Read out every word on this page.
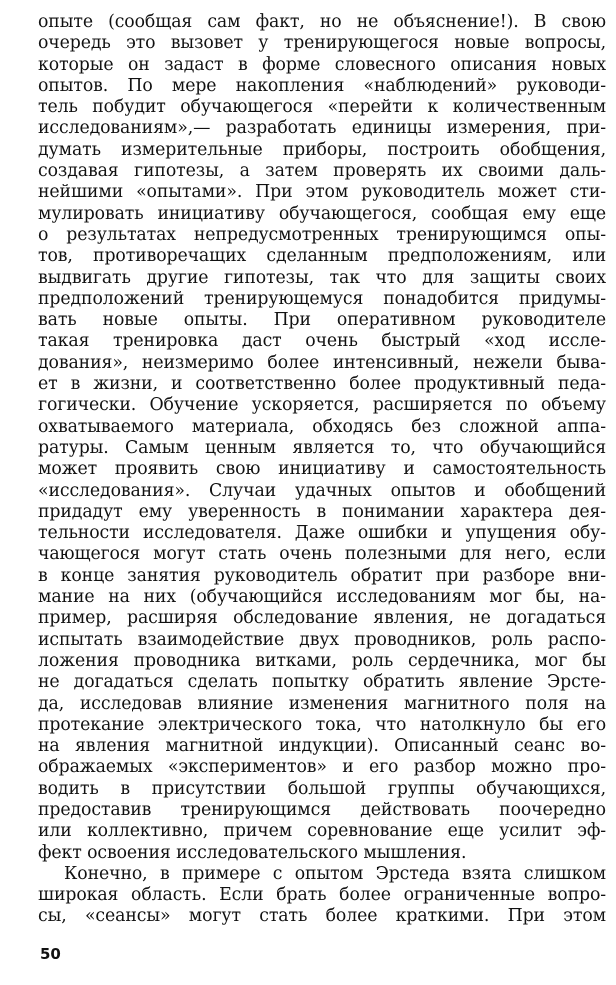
опыте (сообщая сам факт, но не объяснение!). В свою
очередь это вызовет у тренирующегося новые вопросы,
которые он задаст в форме словесного описания новых
опытов. По мере накопления «наблюдений» руководи-
тель побудит обучающегося «перейти к количественным
исследованиям»,— разработать единицы измерения, при-
думать измерительные приборы, построить обобщения,
создавая гипотезы, а затем проверять их своими даль-
нейшими «опытами». При этом руководитель может сти-
мулировать инициативу обучающегося, сообщая ему еще
о результатах непредусмотренных тренирующимся опы-
тов, противоречащих сделанным предположениям, или
выдвигать другие гипотезы, так что для защиты своих
предположений тренирующемуся понадобится придумы-
вать новые опыты. При оперативном руководителе
такая тренировка даст очень быстрый «ход иссле-
дования», неизмеримо более интенсивный, нежели быва-
ет в жизни, и соответственно более продуктивный педа-
гогически. Обучение ускоряется, расширяется по объему
охватываемого материала, обходясь без сложной аппа-
ратуры. Самым ценным является то, что обучающийся
может проявить свою инициативу и самостоятельность
«исследования». Случаи удачных опытов и обобщений
придадут ему уверенность в понимании характера дея-
тельности исследователя. Даже ошибки и упущения обу-
чающегося могут стать очень полезными для него, если
в конце занятия руководитель обратит при разборе вни-
мание на них (обучающийся исследованиям мог бы, на-
пример, расширяя обследование явления, не догадаться
испытать взаимодействие двух проводников, роль распо-
ложения проводника витками, роль сердечника, мог бы
не догадаться сделать попытку обратить явление Эрсте-
да, исследовав влияние изменения магнитного поля на
протекание электрического тока, что натолкнуло бы его
на явления магнитной индукции). Описанный сеанс во-
ображаемых «экспериментов» и его разбор можно про-
водить в присутствии большой группы обучающихся,
предоставив тренирующимся действовать поочередно
или коллективно, причем соревнование еще усилит эф-
фект освоения исследовательского мышления.
Конечно, в примере с опытом Эрстеда взята слишком
широкая область. Если брать более ограниченные вопро-
сы, «сеансы» могут стать более краткими. При этом
50
